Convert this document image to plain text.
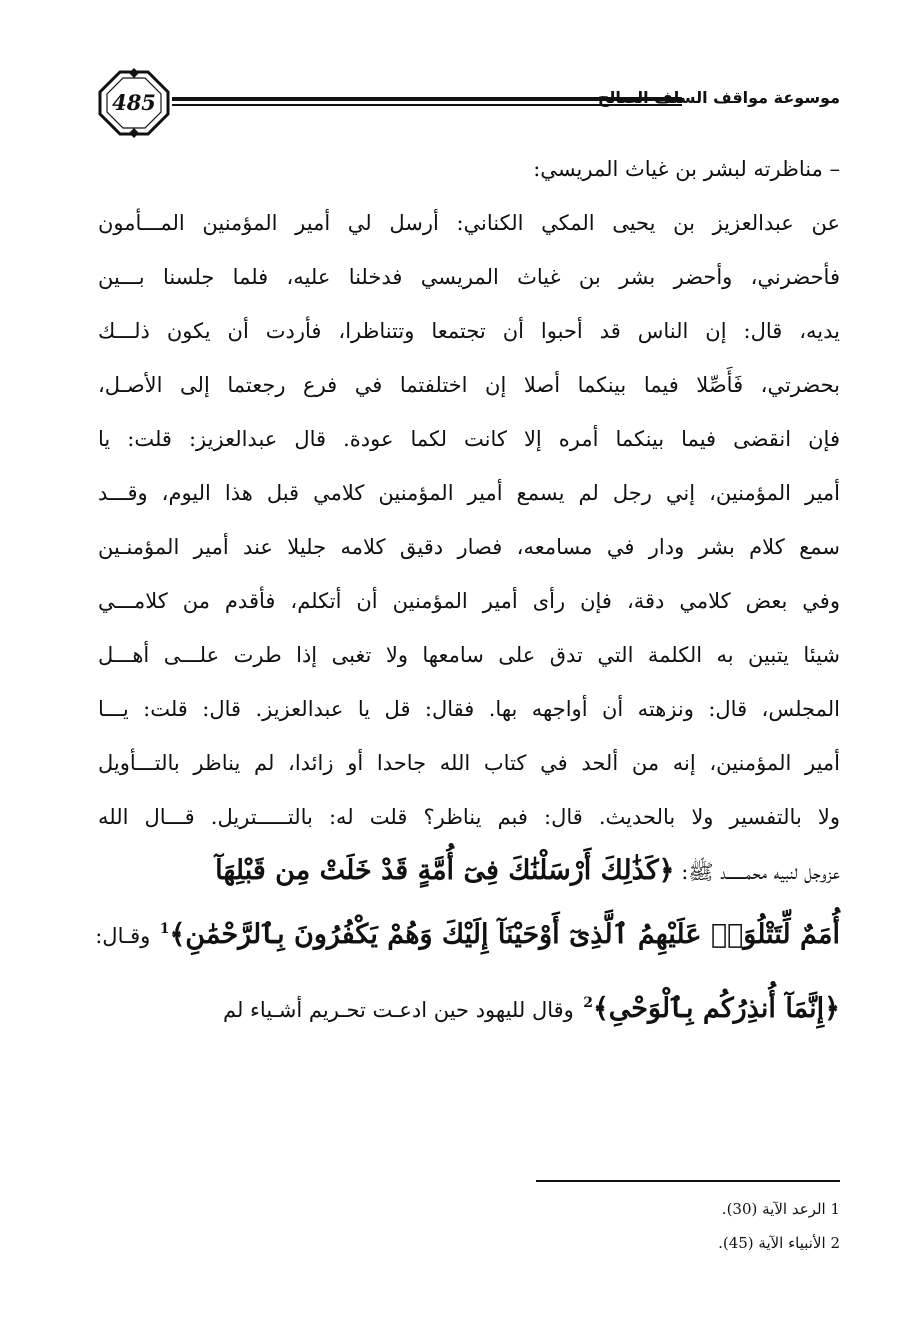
485	موسوعة مواقف السلف الصالح
– مناظرته لبشر بن غياث المريسي:
عن عبدالعزيز بن يحيى المكي الكناني: أرسل لي أمير المؤمنين المـــأمون
فأحضرني، وأحضر بشر بن غياث المريسي فدخلنا عليه، فلما جلسنا بـــين
يديه، قال: إن الناس قد أحبوا أن تجتمعا وتتناظرا، فأردت أن يكون ذلـــك
بحضرتي، فَأَصِّلا فيما بينكما أصلا إن اختلفتما في فرع رجعتما إلى الأصـل،
فإن انقضى فيما بينكما أمره إلا كانت لكما عودة. قال عبدالعزيز: قلت: يا
أمير المؤمنين، إني رجل لم يسمع أمير المؤمنين كلامي قبل هذا اليوم، وقـــد
سمع كلام بشر ودار في مسامعه، فصار دقيق كلامه جليلا عند أمير المؤمنـين
وفي بعض كلامي دقة، فإن رأى أمير المؤمنين أن أتكلم، فأقدم من كلامـــي
شيئا يتبين به الكلمة التي تدق على سامعها ولا تغبى إذا طرت علـــى أهـــل
المجلس، قال: ونزهته أن أواجهه بها. فقال: قل يا عبدالعزيز. قال: قلت: يـــا
أمير المؤمنين، إنه من ألحد في كتاب الله جاحدا أو زائدا، لم يناظر بالتـــأويل
ولا بالتفسير ولا بالحديث. قال: فبم يناظر؟ قلت له: بالتـــــتريل. قـــال الله
عزوجل لنبيه محمـــــــد ﷺ: ﴿كَذَٰلِكَ أَرْسَلْنَٰكَ فِىٓ أُمَّةٍ قَدْ خَلَتْ مِن قَبْلِهَآ
أُمَمٌ لِّتَتْلُوَا۟ عَلَيْهِمُ ٱلَّذِىٓ أَوْحَيْنَآ إِلَيْكَ وَهُمْ يَكْفُرُونَ بِٱلرَّحْمَٰنِ﴾$^1$ وقـال:
﴿إِنَّمَآ أُنذِرُكُم بِٱلْوَحْىِ﴾$^2$ وقال لليهود حين ادعـت تحـريم أشـياء لم
1 الرعد الآية (30).
2 الأنبياء الآية (45).
